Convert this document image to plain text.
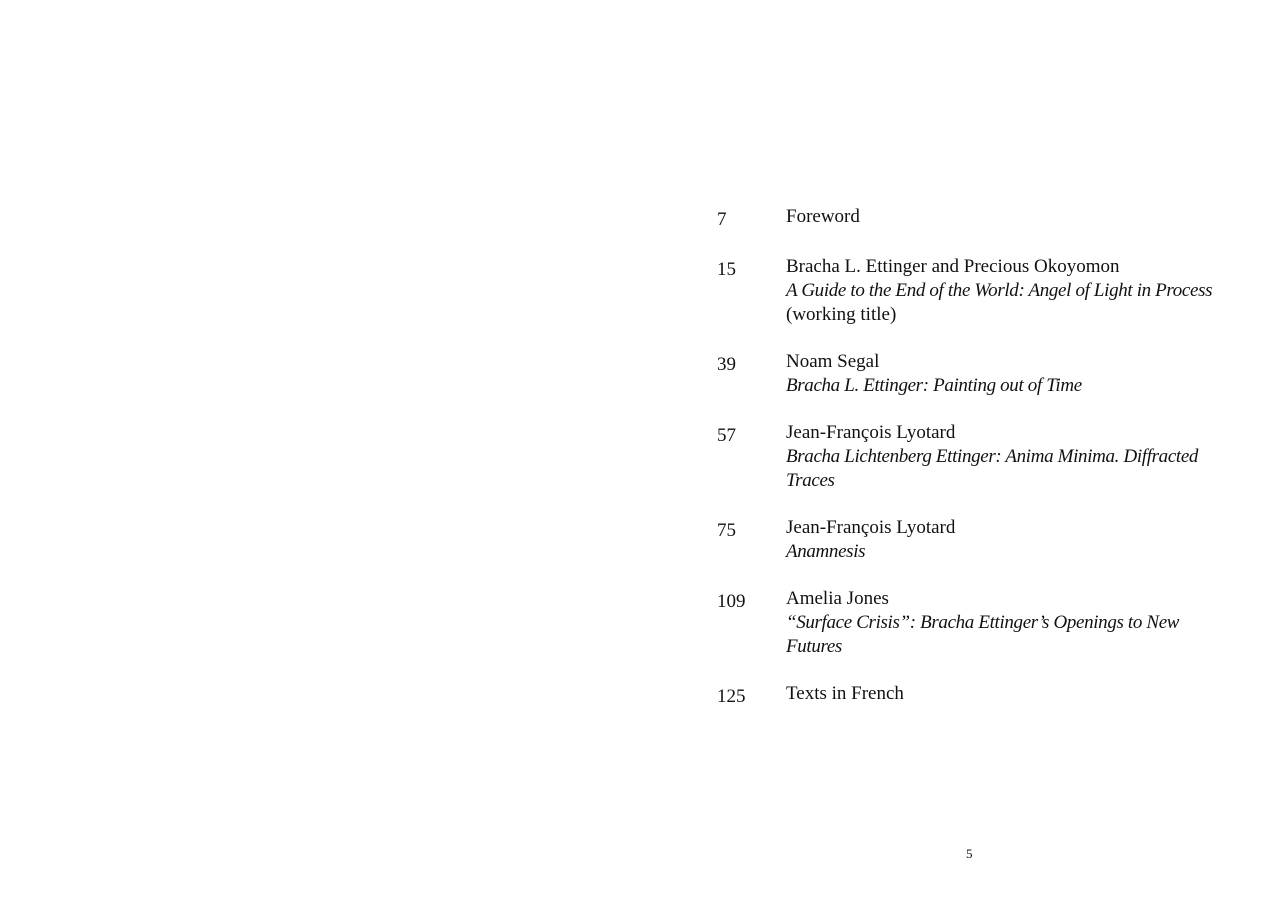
7	Foreword
15	Bracha L. Ettinger and Precious Okoyomon
A Guide to the End of the World: Angel of Light in Process
(working title)
39	Noam Segal
Bracha L. Ettinger: Painting out of Time
57	Jean-François Lyotard
Bracha Lichtenberg Ettinger: Anima Minima. Diffracted Traces
75	Jean-François Lyotard
Anamnesis
109	Amelia Jones
“Surface Crisis”: Bracha Ettinger’s Openings to New Futures
125	Texts in French
5
